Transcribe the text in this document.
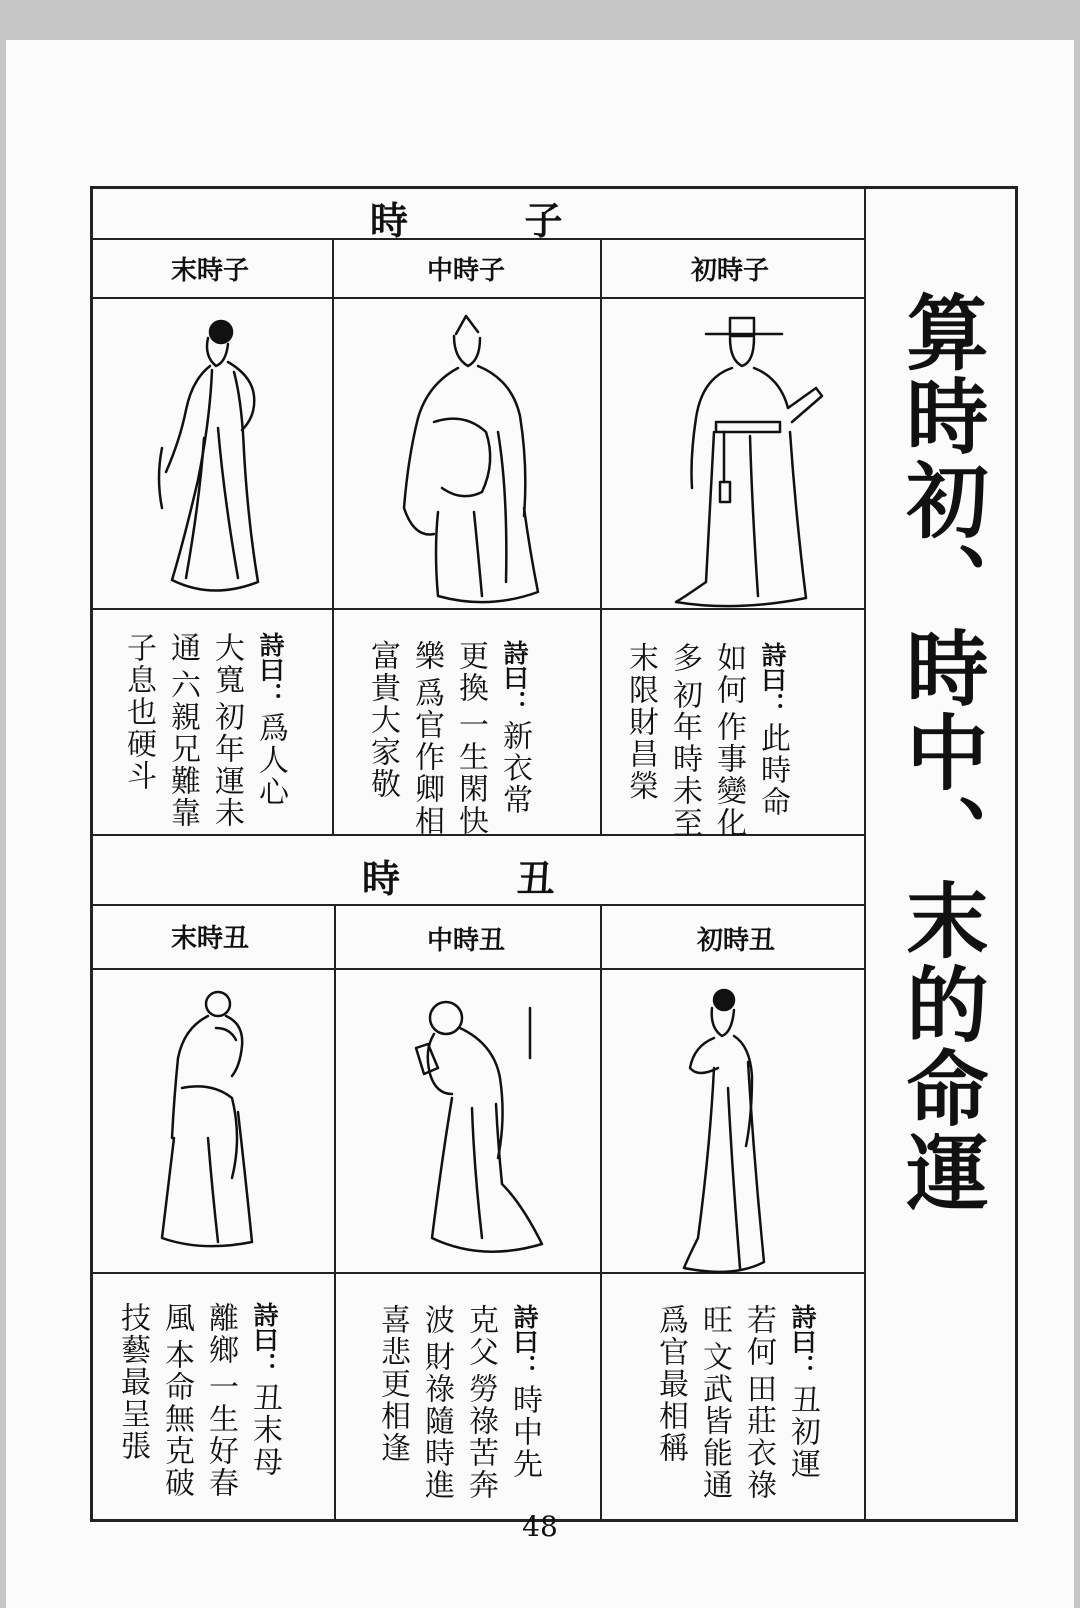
時	子
末時子	中時子	初時子
詩曰： 爲人心大寬 初年運未通 六親兄難靠 子息也硬斗	詩曰： 新衣常更換 一生閑快樂 爲官作卿相 富貴大家敬	詩曰： 此時命如何 作事變化多 初年時未至 末限財昌榮
時	丑
末時丑	中時丑	初時丑
詩曰： 丑末母離鄉 一生好春風 本命無克破 技藝最呈張	詩曰： 時中先克父 勞祿苦奔波 財祿隨時進 喜悲更相逢	詩曰： 丑初運若何 田莊衣祿旺 文武皆能通 爲官最相稱
算時初、時中、末的命運
48
